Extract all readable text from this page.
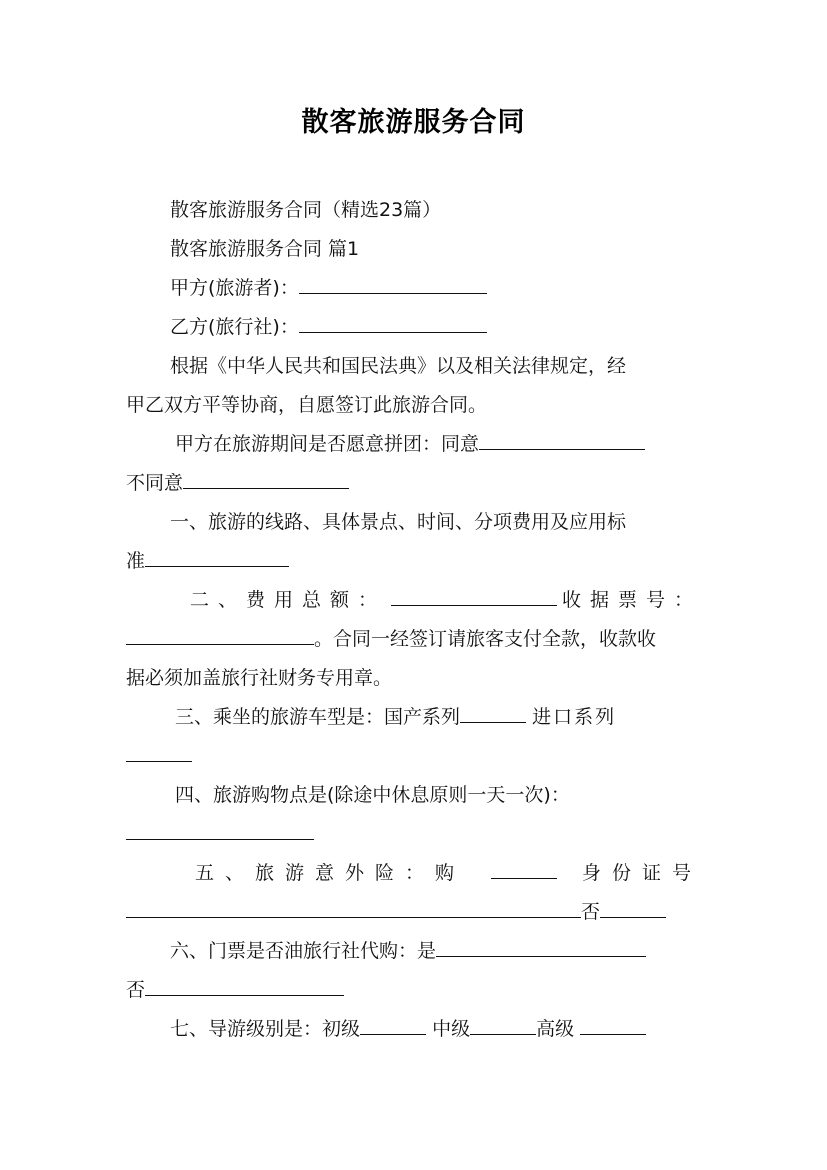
散客旅游服务合同
散客旅游服务合同（精选23篇）
散客旅游服务合同 篇1
甲方(旅游者)：
乙方(旅行社)：
根据《中华人民共和国民法典》以及相关法律规定，经
甲乙双方平等协商，自愿签订此旅游合同。
甲方在旅游期间是否愿意拼团：同意
不同意
一、旅游的线路、具体景点、时间、分项费用及应用标
准
二、费用总额：	收据票号：
。合同一经签订请旅客支付全款，收款收
据必须加盖旅行社财务专用章。
三、乘坐的旅游车型是：国产系列	进口系列
四、旅游购物点是(除途中休息原则一天一次)：
五、旅游意外险：购	身份证号
否
六、门票是否油旅行社代购：是
否
七、导游级别是：初级	中级	高级
